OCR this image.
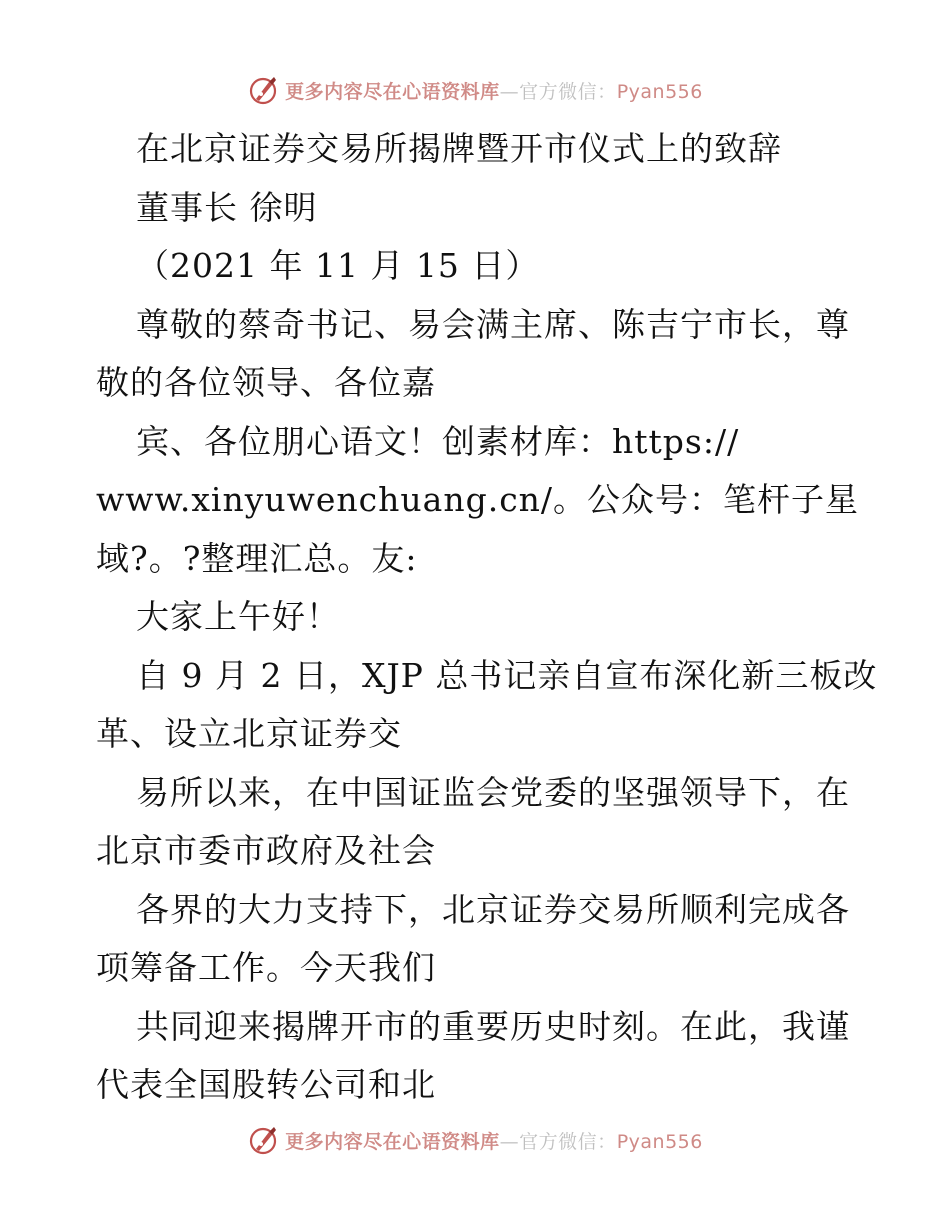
更多内容尽在心语资料库—官方微信：Pyan556
在北京证券交易所揭牌暨开市仪式上的致辞
董事长 徐明
（2021 年 11 月 15 日）
尊敬的蔡奇书记、易会满主席、陈吉宁市长，尊
敬的各位领导、各位嘉
宾、各位朋心语文！创素材库：https://
www.xinyuwenchuang.cn/。公众号：笔杆子星
域?。?整理汇总。友:
大家上午好！
自 9 月 2 日，XJP 总书记亲自宣布深化新三板改
革、设立北京证券交
易所以来，在中国证监会党委的坚强领导下，在
北京市委市政府及社会
各界的大力支持下，北京证券交易所顺利完成各
项筹备工作。今天我们
共同迎来揭牌开市的重要历史时刻。在此，我谨
代表全国股转公司和北
更多内容尽在心语资料库—官方微信：Pyan556
